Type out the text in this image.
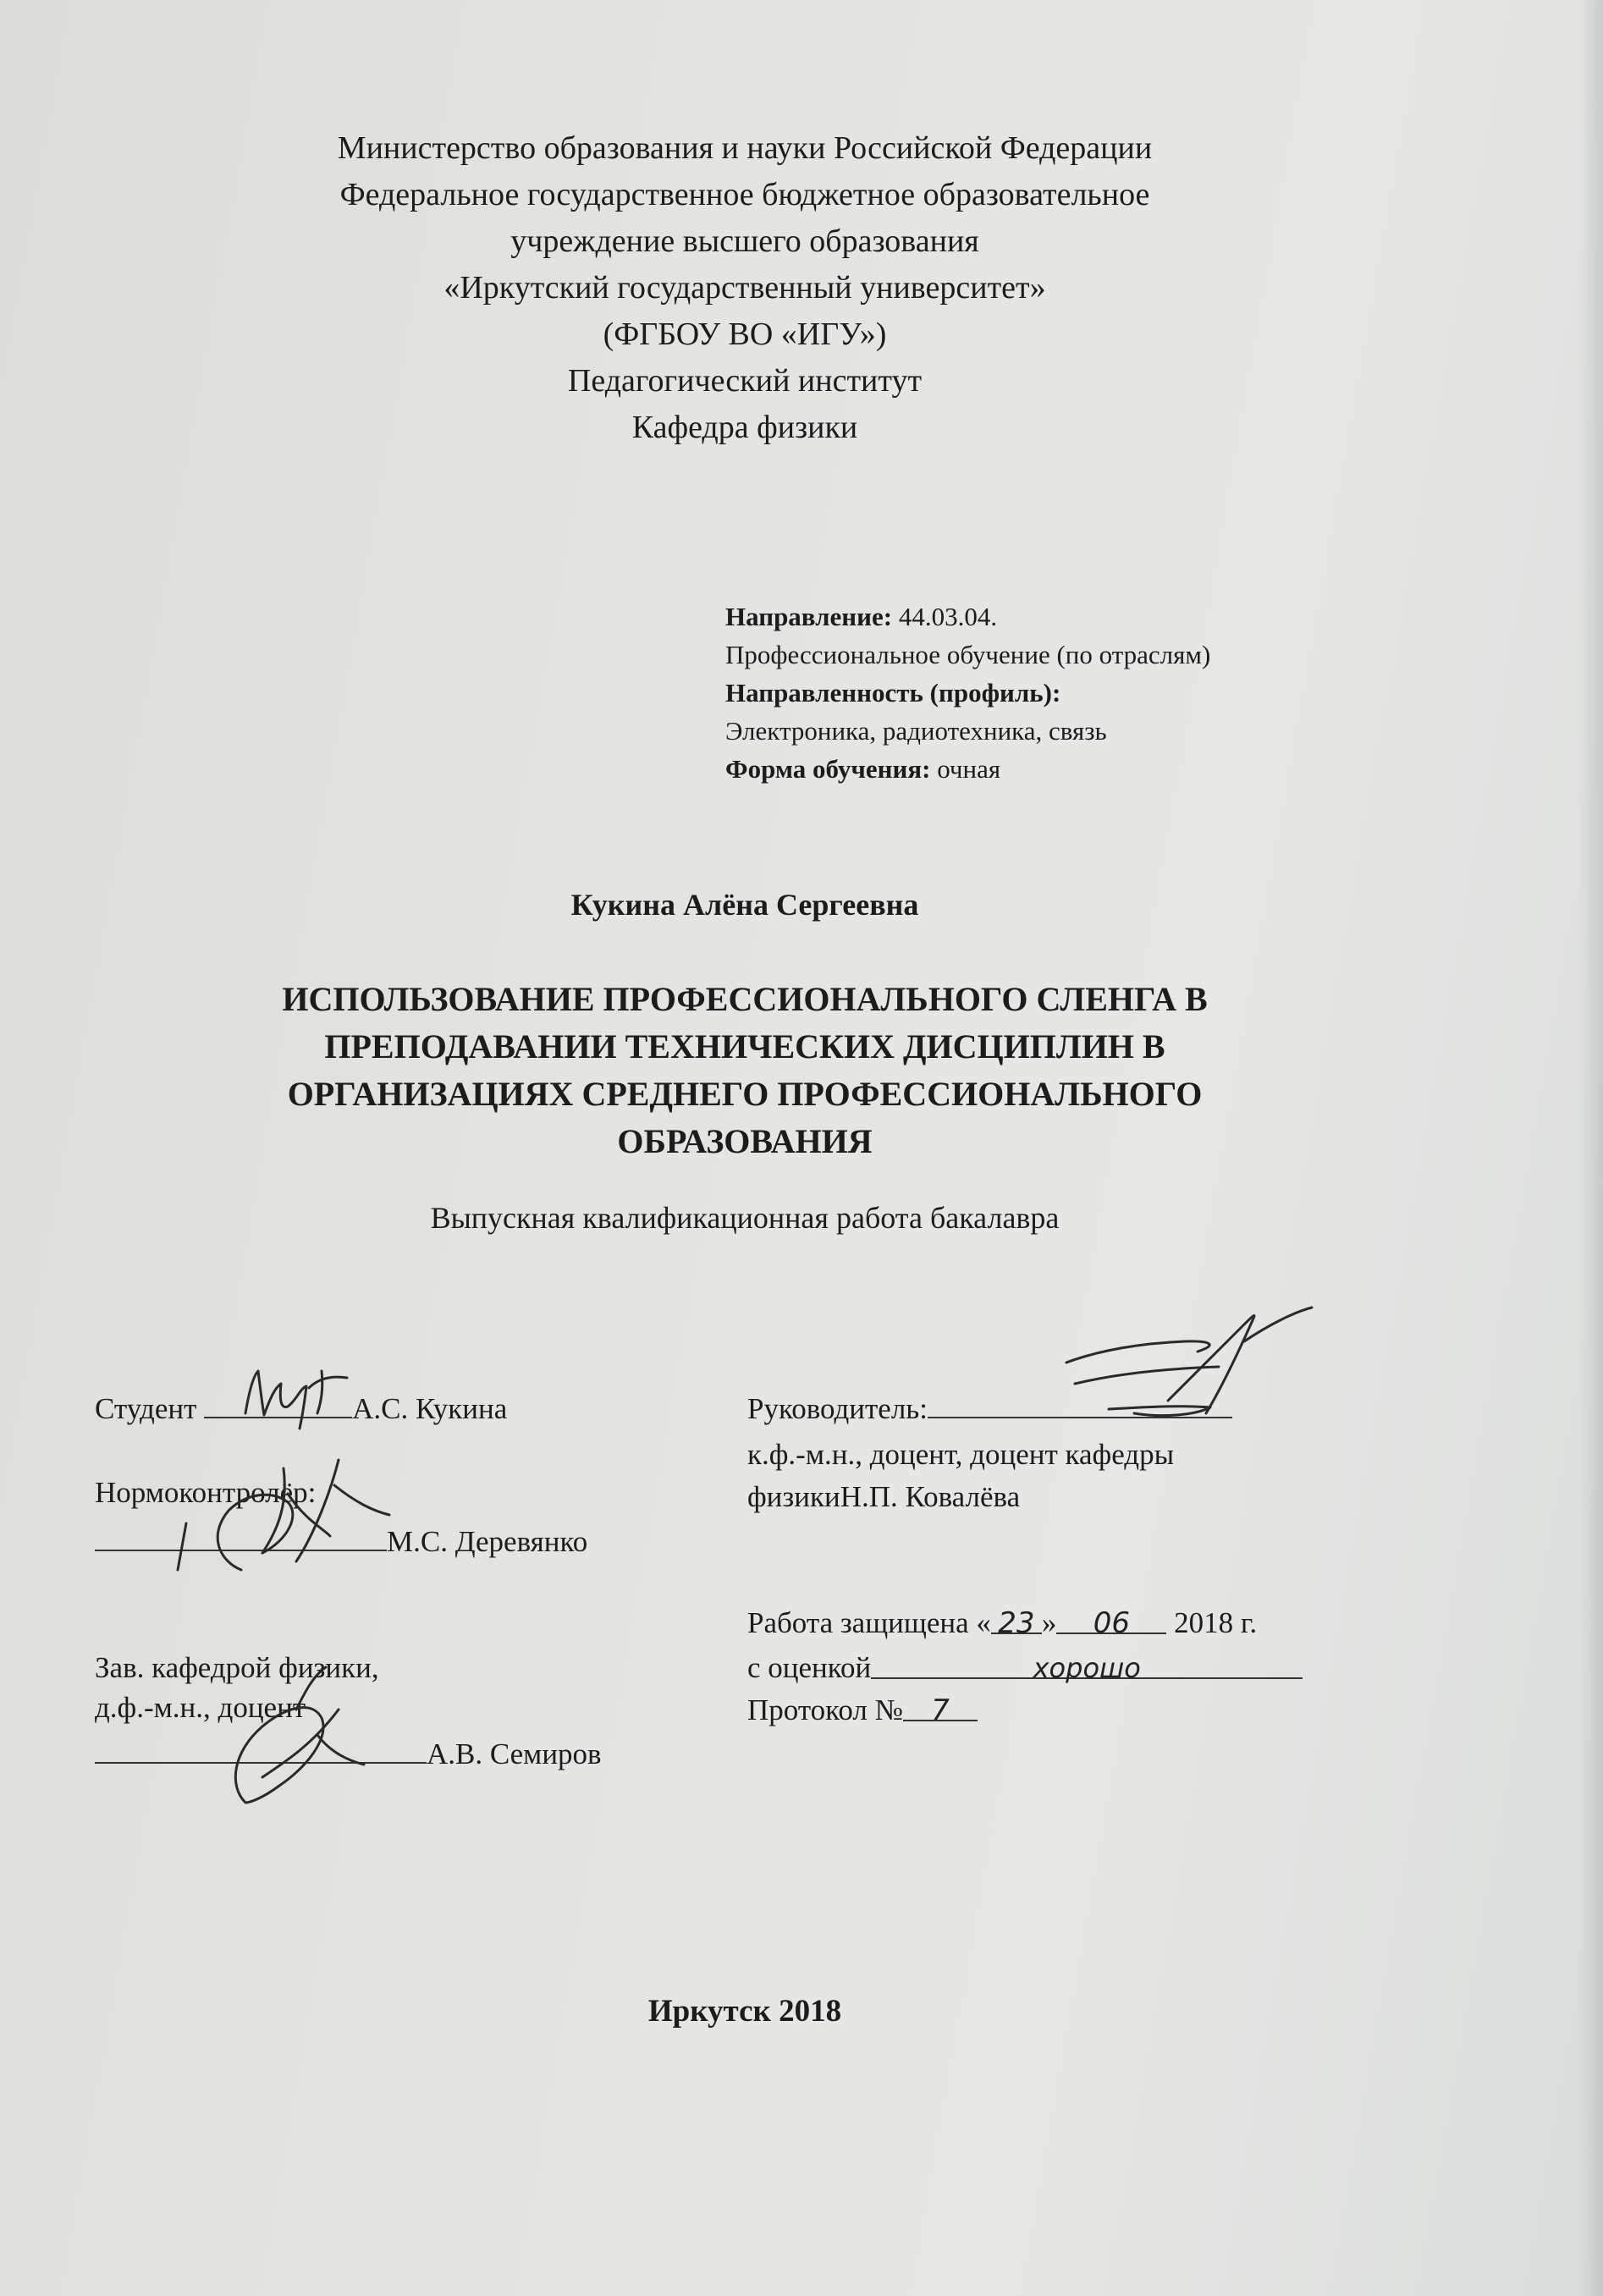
Министерство образования и науки Российской Федерации
Федеральное государственное бюджетное образовательное
учреждение высшего образования
«Иркутский государственный университет»
(ФГБОУ ВО «ИГУ»)
Педагогический институт
Кафедра физики
Направление: 44.03.04.
Профессиональное обучение (по отраслям)
Направленность (профиль):
Электроника, радиотехника, связь
Форма обучения: очная
Кукина Алёна Сергеевна
ИСПОЛЬЗОВАНИЕ ПРОФЕССИОНАЛЬНОГО СЛЕНГА В
ПРЕПОДАВАНИИ ТЕХНИЧЕСКИХ ДИСЦИПЛИН В
ОРГАНИЗАЦИЯХ СРЕДНЕГО ПРОФЕССИОНАЛЬНОГО
ОБРАЗОВАНИЯ
Выпускная квалификационная работа бакалавра
Студент	А.С. Кукина
Нормоконтролёр:
М.С. Деревянко
Зав. кафедрой физики,
д.ф.-м.н., доцент
А.В. Семиров
Руководитель:
к.ф.-м.н., доцент, доцент кафедры
физикиН.П. Ковалёва
Работа защищена « 23 » 06 2018 г.
с оценкой	хорошо
Протокол № 7
Иркутск 2018
